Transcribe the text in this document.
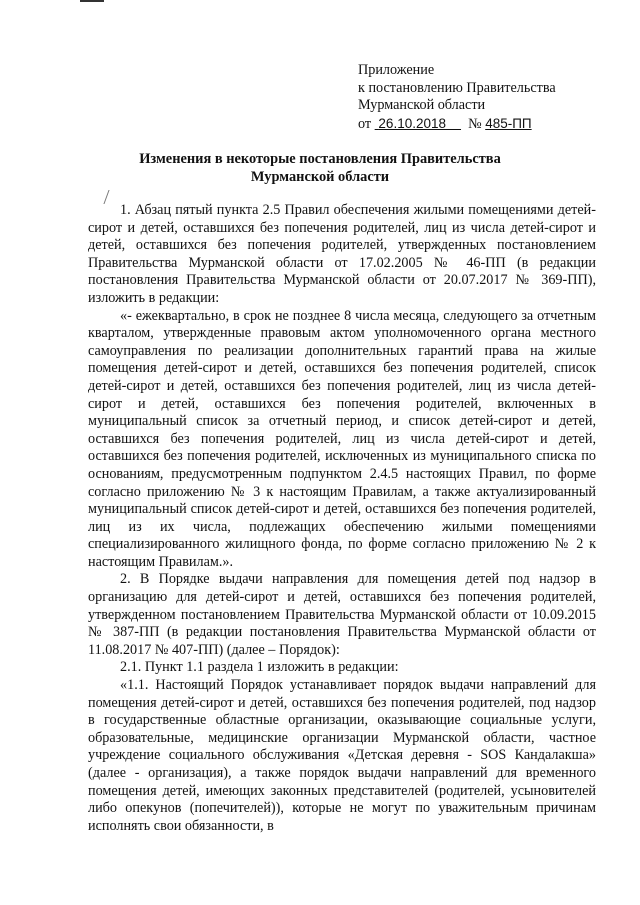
Приложение
к постановлению Правительства
Мурманской области
от 26.10.2018 № 485-ПП
Изменения в некоторые постановления Правительства
Мурманской области

1. Абзац пятый пункта 2.5 Правил обеспечения жилыми помещениями детей-сирот и детей, оставшихся без попечения родителей, лиц из числа детей-сирот и детей, оставшихся без попечения родителей, утвержденных постановлением Правительства Мурманской области от 17.02.2005 № 46-ПП (в редакции постановления Правительства Мурманской области от 20.07.2017 № 369-ПП), изложить в редакции:

«- ежеквартально, в срок не позднее 8 числа месяца, следующего за отчетным кварталом, утвержденные правовым актом уполномоченного органа местного самоуправления по реализации дополнительных гарантий права на жилые помещения детей-сирот и детей, оставшихся без попечения родителей, список детей-сирот и детей, оставшихся без попечения родителей, лиц из числа детей-сирот и детей, оставшихся без попечения родителей, включенных в муниципальный список за отчетный период, и список детей-сирот и детей, оставшихся без попечения родителей, лиц из числа детей-сирот и детей, оставшихся без попечения родителей, исключенных из муниципального списка по основаниям, предусмотренным подпунктом 2.4.5 настоящих Правил, по форме согласно приложению № 3 к настоящим Правилам, а также актуализированный муниципальный список детей-сирот и детей, оставшихся без попечения родителей, лиц из их числа, подлежащих обеспечению жилыми помещениями специализированного жилищного фонда, по форме согласно приложению № 2 к настоящим Правилам.».

2. В Порядке выдачи направления для помещения детей под надзор в организацию для детей-сирот и детей, оставшихся без попечения родителей, утвержденном постановлением Правительства Мурманской области от 10.09.2015 № 387-ПП (в редакции постановления Правительства Мурманской области от 11.08.2017 № 407-ПП) (далее – Порядок):

2.1. Пункт 1.1 раздела 1 изложить в редакции:

«1.1. Настоящий Порядок устанавливает порядок выдачи направлений для помещения детей-сирот и детей, оставшихся без попечения родителей, под надзор в государственные областные организации, оказывающие социальные услуги, образовательные, медицинские организации Мурманской области, частное учреждение социального обслуживания «Детская деревня - SOS Кандалакша» (далее - организация), а также порядок выдачи направлений для временного помещения детей, имеющих законных представителей (родителей, усыновителей либо опекунов (попечителей)), которые не могут по уважительным причинам исполнять свои обязанности, в
